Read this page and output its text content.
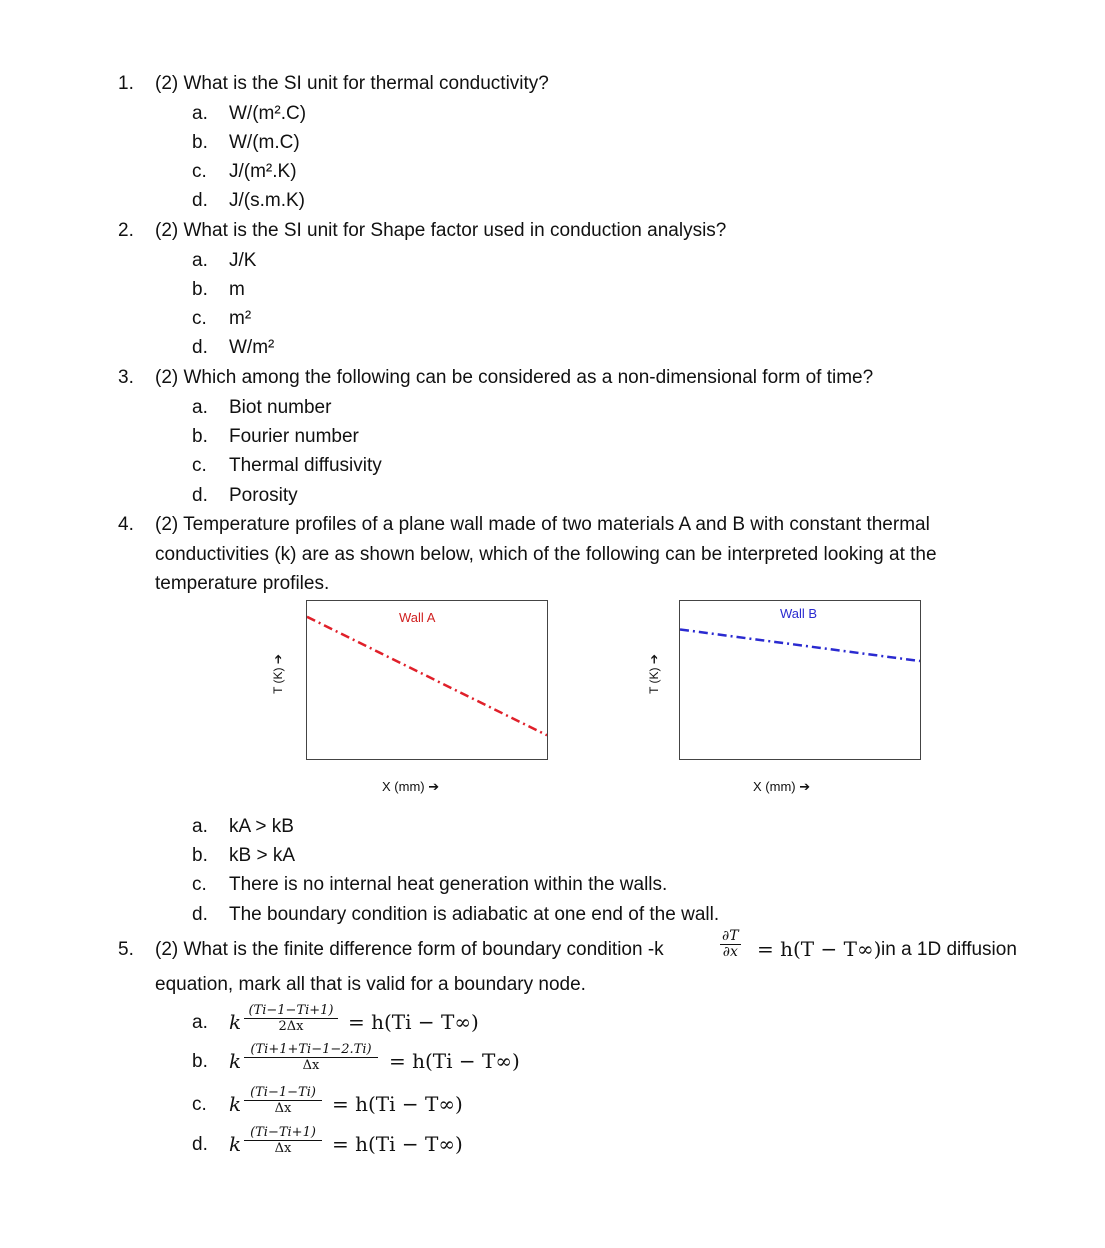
1. (2) What is the SI unit for thermal conductivity?
a. W/(m².C)
b. W/(m.C)
c. J/(m².K)
d. J/(s.m.K)
2. (2) What is the SI unit for Shape factor used in conduction analysis?
a. J/K
b. m
c. m²
d. W/m²
3. (2) Which among the following can be considered as a non-dimensional form of time?
a. Biot number
b. Fourier number
c. Thermal diffusivity
d. Porosity
4. (2) Temperature profiles of a plane wall made of two materials A and B with constant thermal
conductivities (k) are as shown below, which of the following can be interpreted looking at the
temperature profiles.
T (K) ➔
Wall A
X (mm) ➔
T (K) ➔
Wall B
X (mm) ➔
a. kA > kB
b. kB > kA
c. There is no internal heat generation within the walls.
d. The boundary condition is adiabatic at one end of the wall.
5. (2) What is the finite difference form of boundary condition -k	$\frac{\partial T}{\partial x} = h(T - T\infty)$ in a 1D diffusion
equation, mark all that is valid for a boundary node.
a. k $\frac{(Ti-1-Ti+1)}{2\Delta x} = h(Ti - T\infty)$
b. k $\frac{(Ti+1+Ti-1-2.Ti)}{\Delta x} = h(Ti - T\infty)$
c. k $\frac{(Ti-1-Ti)}{\Delta x} = h(Ti - T\infty)$
d. k $\frac{(Ti-Ti+1)}{\Delta x} = h(Ti - T\infty)$
